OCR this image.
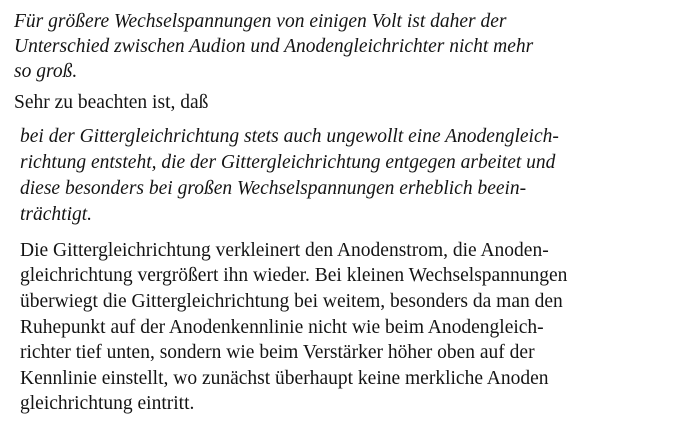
Für größere Wechselspannungen von einigen Volt ist daher der
Unterschied zwischen Audion und Anodengleichrichter nicht mehr
so groß.
Sehr zu beachten ist, daß
bei der Gittergleichrichtung stets auch ungewollt eine Anodengleich-
richtung entsteht, die der Gittergleichrichtung entgegen arbeitet und
diese besonders bei großen Wechselspannungen erheblich beein-
trächtigt.
Die Gittergleichrichtung verkleinert den Anodenstrom, die Anoden-
gleichrichtung vergrößert ihn wieder. Bei kleinen Wechselspannungen
überwiegt die Gittergleichrichtung bei weitem, besonders da man den
Ruhepunkt auf der Anodenkennlinie nicht wie beim Anodengleich-
richter tief unten, sondern wie beim Verstärker höher oben auf der
Kennlinie einstellt, wo zunächst überhaupt keine merkliche Anoden
gleichrichtung eintritt.
